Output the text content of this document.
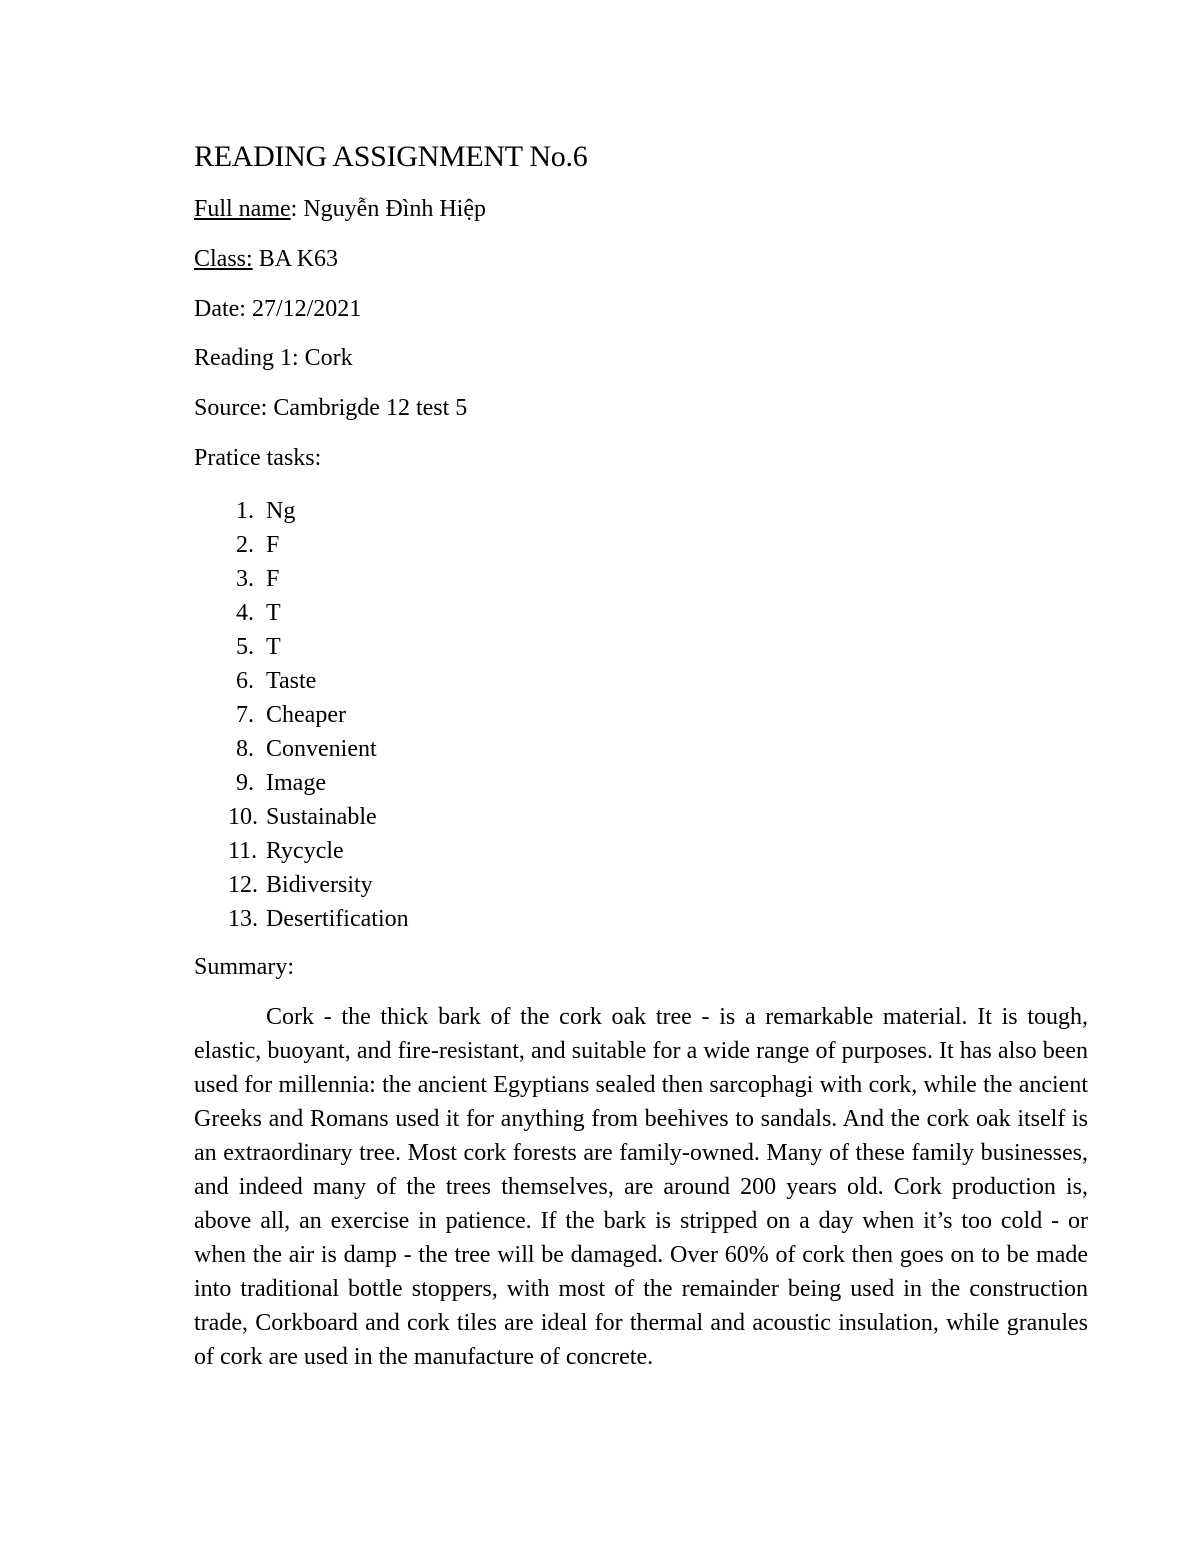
READING ASSIGNMENT No.6

Full name: Nguyễn Đình Hiệp

Class: BA K63

Date: 27/12/2021

Reading 1: Cork

Source: Cambrigde 12 test 5

Pratice tasks:

1. Ng
2. F
3. F
4. T
5. T
6. Taste
7. Cheaper
8. Convenient
9. Image
10. Sustainable
11. Rycycle
12. Bidiversity
13. Desertification
Summary:

Cork - the thick bark of the cork oak tree - is a remarkable material. It is tough, elastic, buoyant, and fire-resistant, and suitable for a wide range of purposes. It has also been used for millennia: the ancient Egyptians sealed then sarcophagi with cork, while the ancient Greeks and Romans used it for anything from beehives to sandals. And the cork oak itself is an extraordinary tree. Most cork forests are family-owned. Many of these family businesses, and indeed many of the trees themselves, are around 200 years old. Cork production is, above all, an exercise in patience. If the bark is stripped on a day when it’s too cold - or when the air is damp - the tree will be damaged. Over 60% of cork then goes on to be made into traditional bottle stoppers, with most of the remainder being used in the construction trade, Corkboard and cork tiles are ideal for thermal and acoustic insulation, while granules of cork are used in the manufacture of concrete.
